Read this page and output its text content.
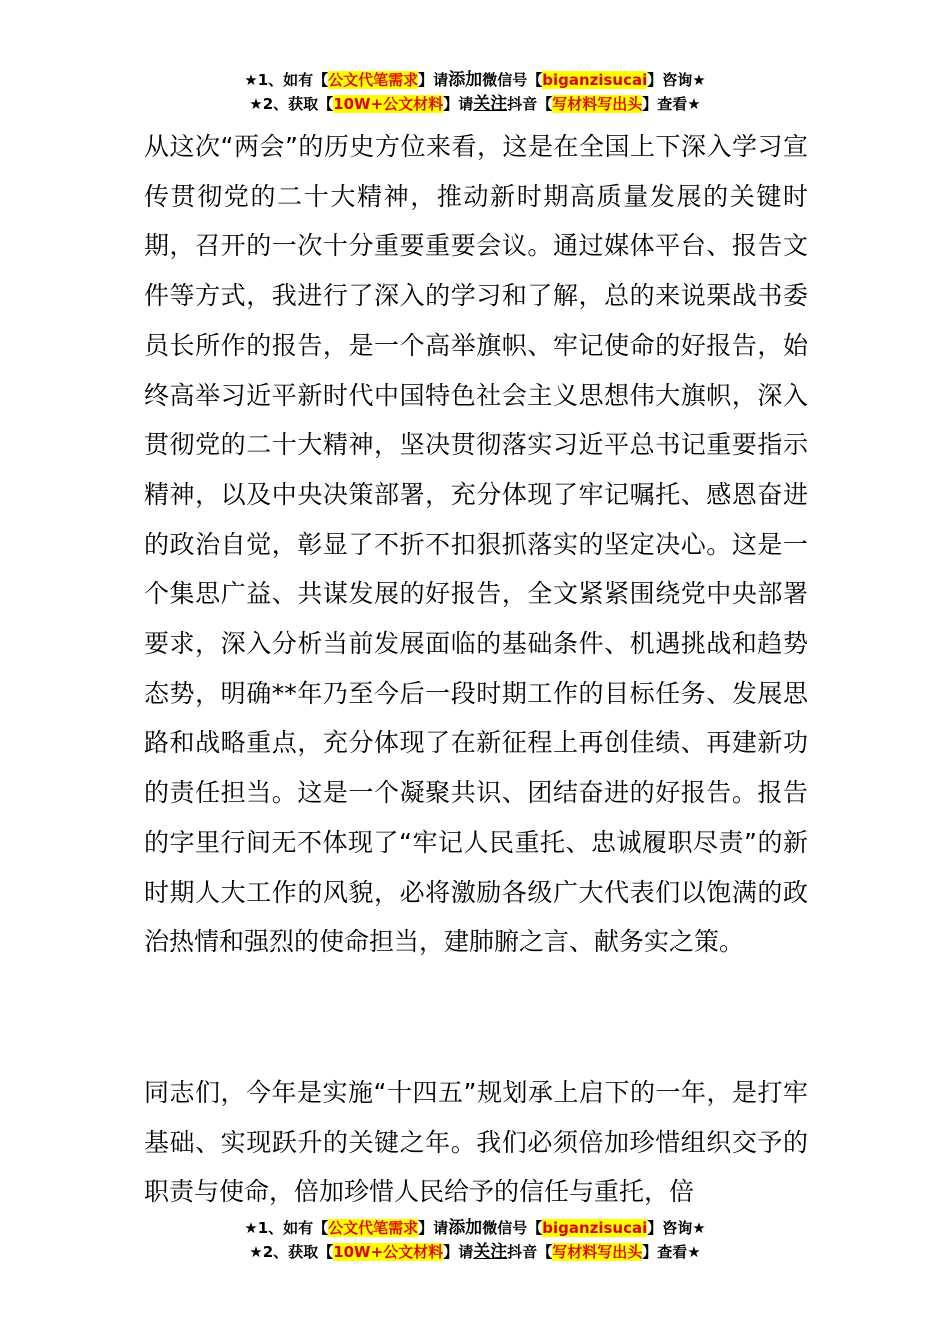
★1、如有【公文代笔需求】请添加微信号【biganzisucai】咨询★
★2、获取【10W+公文材料】请关注抖音【写材料写出头】查看★

从这次“两会”的历史方位来看，这是在全国上下深入学习宣传贯彻党的二十大精神，推动新时期高质量发展的关键时期，召开的一次十分重要重要会议。通过媒体平台、报告文件等方式，我进行了深入的学习和了解，总的来说栗战书委员长所作的报告，是一个高举旗帜、牢记使命的好报告，始终高举习近平新时代中国特色社会主义思想伟大旗帜，深入贯彻党的二十大精神，坚决贯彻落实习近平总书记重要指示精神，以及中央决策部署，充分体现了牢记嘱托、感恩奋进的政治自觉，彰显了不折不扣狠抓落实的坚定决心。这是一个集思广益、共谋发展的好报告，全文紧紧围绕党中央部署要求，深入分析当前发展面临的基础条件、机遇挑战和趋势态势，明确**年乃至今后一段时期工作的目标任务、发展思路和战略重点，充分体现了在新征程上再创佳绩、再建新功的责任担当。这是一个凝聚共识、团结奋进的好报告。报告的字里行间无不体现了“牢记人民重托、忠诚履职尽责”的新时期人大工作的风貌，必将激励各级广大代表们以饱满的政治热情和强烈的使命担当，建肺腑之言、献务实之策。

同志们，今年是实施“十四五”规划承上启下的一年，是打牢基础、实现跃升的关键之年。我们必须倍加珍惜组织交予的职责与使命，倍加珍惜人民给予的信任与重托，倍

★1、如有【公文代笔需求】请添加微信号【biganzisucai】咨询★
★2、获取【10W+公文材料】请关注抖音【写材料写出头】查看★
